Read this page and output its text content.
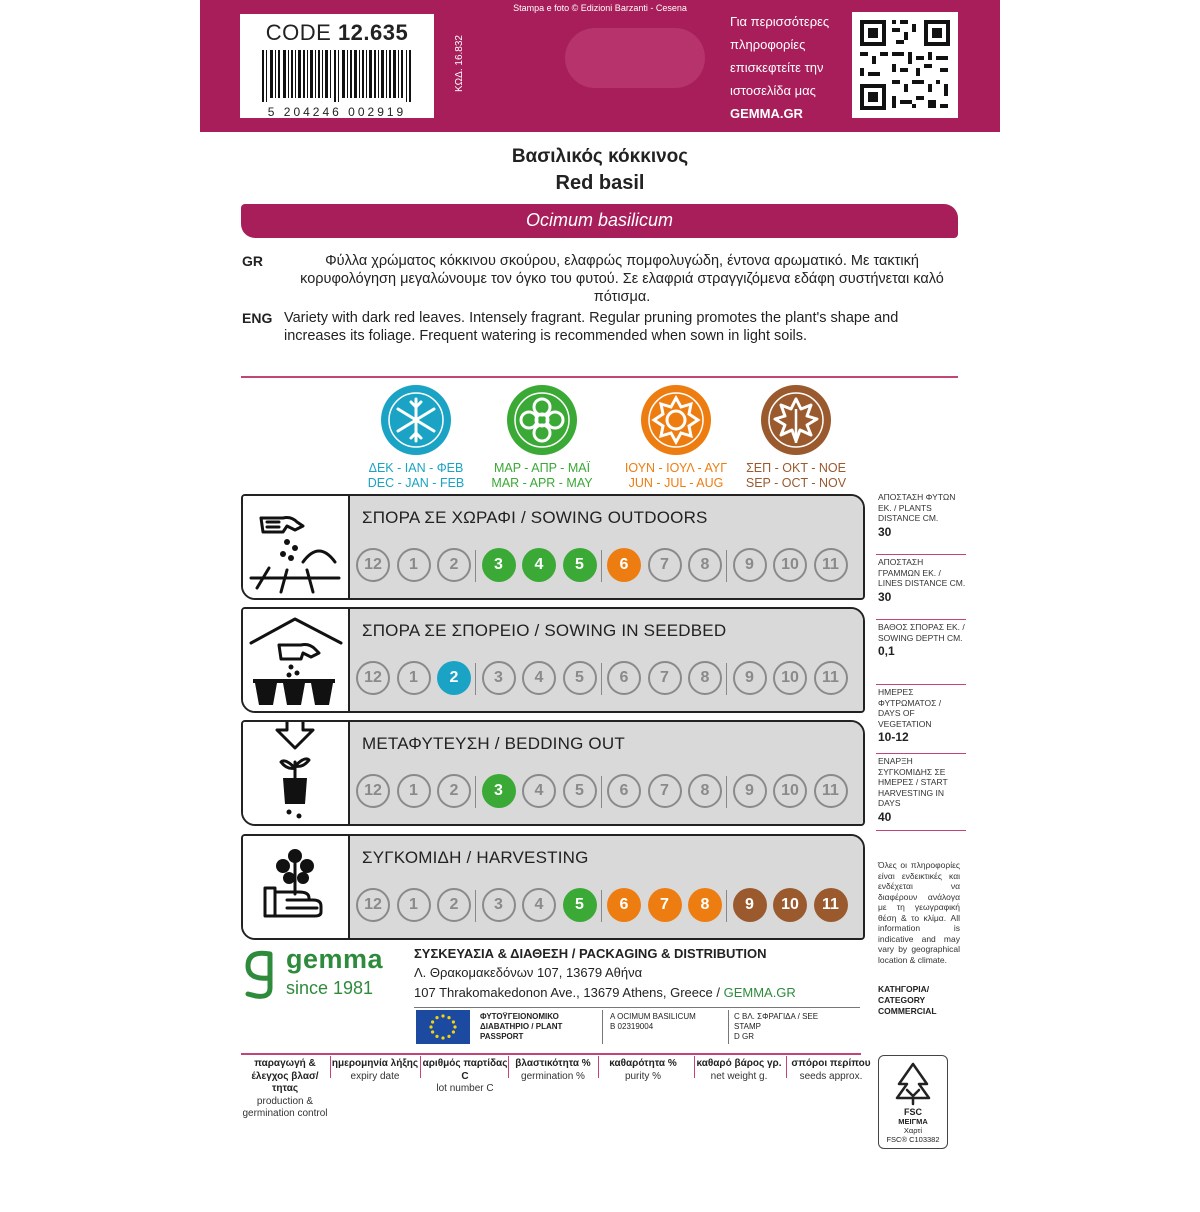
CODE 12.635
5 204246 002919
ΚΩΔ. 16.832
Stampa e foto © Edizioni Barzanti - Cesena
Για περισσότερες
πληροφορίες
επισκεφτείτε την
ιστοσελίδα μας
GEMMA.GR
Βασιλικός κόκκινος
Red basil
Ocimum basilicum
GR	Φύλλα χρώματος κόκκινου σκούρου, ελαφρώς πομφολυγώδη, έντονα αρωματικό. Με τακτική κορυφολόγηση μεγαλώνουμε τον όγκο του φυτού. Σε ελαφριά στραγγιζόμενα εδάφη συστήνεται καλό πότισμα.
ENG Variety with dark red leaves. Intensely fragrant. Regular pruning promotes the plant's shape and increases its foliage. Frequent watering is recommended when sown in light soils.
ΔΕΚ - ΙΑΝ - ΦΕΒ
DEC - JAN - FEB
ΜΑΡ - ΑΠΡ - ΜΑΪ
MAR - APR - MAY
ΙΟΥΝ - ΙΟΥΛ - ΑΥΓ
JUN - JUL - AUG
ΣΕΠ - ΟΚΤ - ΝΟΕ
SEP - OCT - NOV
ΣΠΟΡΑ ΣΕ ΧΩΡΑΦΙ / SOWING OUTDOORS
12	1	2	3	4	5	6	7	8	9	10	11
ΣΠΟΡΑ ΣΕ ΣΠΟΡΕΙΟ / SOWING IN SEEDBED
12	1	2	3	4	5	6	7	8	9	10	11
ΜΕΤΑΦΥΤΕΥΣΗ / BEDDING OUT
12	1	2	3	4	5	6	7	8	9	10	11
ΣΥΓΚΟΜΙΔΗ / HARVESTING
12	1	2	3	4	5	6	7	8	9	10	11
ΑΠΟΣΤΑΣΗ ΦΥΤΩΝ ΕΚ. / PLANTS DISTANCE CM.
30
ΑΠΟΣΤΑΣΗ ΓΡΑΜΜΩΝ ΕΚ. / LINES DISTANCE CM.
30
ΒΑΘΟΣ ΣΠΟΡΑΣ ΕΚ. / SOWING DEPTH CM.
0,1
ΗΜΕΡΕΣ ΦΥΤΡΩΜΑΤΟΣ / DAYS OF VEGETATION
10-12
ΕΝΑΡΞΗ ΣΥΓΚΟΜΙΔΗΣ ΣΕ ΗΜΕΡΕΣ / START HARVESTING IN DAYS
40
Όλες οι πληροφορίες είναι ενδεικτικές και ενδέχεται να διαφέρουν ανάλογα με τη γεωγραφική θέση & το κλίμα. All information is indicative and may vary by geographical location & climate.
ΚΑΤΗΓΟΡΙΑ/
CATEGORY
COMMERCIAL
gemma
since 1981
ΣΥΣΚΕΥΑΣΙΑ & ΔΙΑΘΕΣΗ / PACKAGING & DISTRIBUTION
Λ. Θρακομακεδόνων 107, 13679 Αθήνα
107 Thrakomakedonon Ave., 13679 Athens, Greece / GEMMA.GR
ΦΥΤΟΫΓΕΙΟΝΟΜΙΚΟ ΔΙΑΒΑΤΗΡΙΟ / PLANT PASSPORT
A OCIMUM BASILICUM
B 02319004
C ΒΛ. ΣΦΡΑΓΙΔΑ / SEE STAMP
D GR
παραγωγή & έλεγχος βλασ/τητας
production & germination control
ημερομηνία λήξης
expiry date
αριθμός παρτίδας C
lot number C
βλαστικότητα %
germination %
καθαρότητα %
purity %
καθαρό βάρος γρ.
net weight g.
σπόροι περίπου
seeds approx.
FSC
ΜΕΙΓΜΑ
Χαρτί
FSC® C103382
